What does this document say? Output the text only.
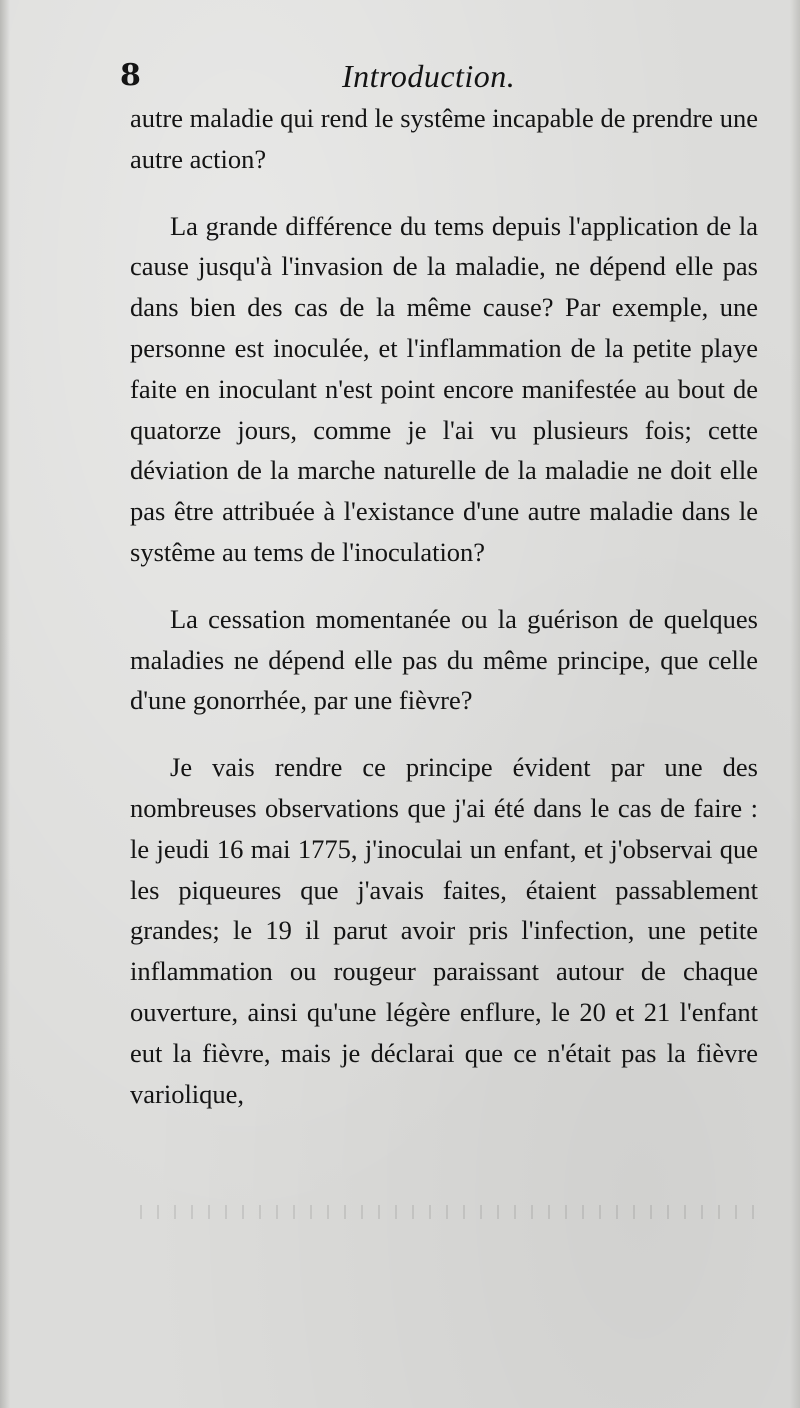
8	Introduction.

autre maladie qui rend le systême incapable de prendre une autre action?

La grande différence du tems depuis l'application de la cause jusqu'à l'invasion de la maladie, ne dépend elle pas dans bien des cas de la même cause? Par exemple, une personne est inoculée, et l'inflammation de la petite playe faite en inoculant n'est point encore manifestée au bout de quatorze jours, comme je l'ai vu plusieurs fois; cette déviation de la marche naturelle de la maladie ne doit elle pas être attribuée à l'existance d'une autre maladie dans le systême au tems de l'inoculation?

La cessation momentanée ou la guérison de quelques maladies ne dépend elle pas du même principe, que celle d'une gonorrhée, par une fièvre?

Je vais rendre ce principe évident par une des nombreuses observations que j'ai été dans le cas de faire : le jeudi 16 mai 1775, j'inoculai un enfant, et j'observai que les piqueures que j'avais faites, étaient passablement grandes; le 19 il parut avoir pris l'infection, une petite inflammation ou rougeur paraissant autour de chaque ouverture, ainsi qu'une légère enflure, le 20 et 21 l'enfant eut la fièvre, mais je déclarai que ce n'était pas la fièvre variolique,
